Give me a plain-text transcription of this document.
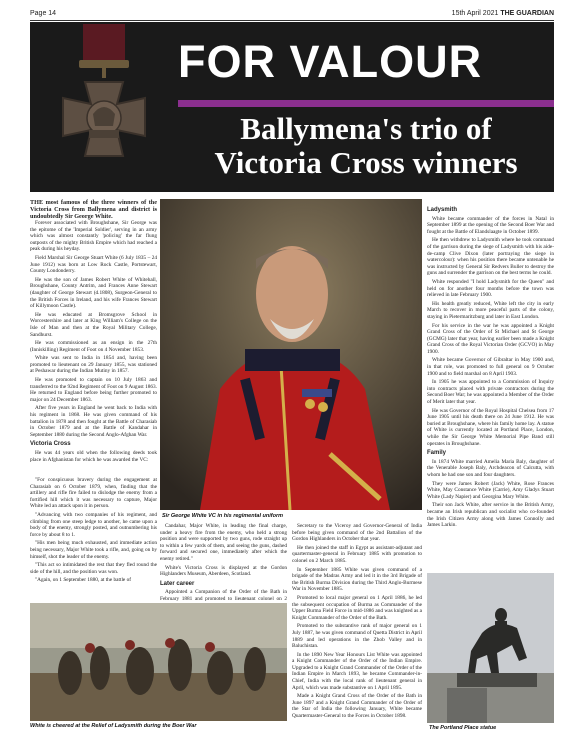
Page 14	15th April 2021 THE GUARDIAN
FOR VALOUR
Ballymena's trio of
Victoria Cross winners
THE most famous of the three winners of the Victoria Cross from Ballymena and district is undoubtedly Sir George White.

Forever associated with Broughshane, Sir George was the epitome of the 'Imperial Soldier', serving in an army which was almost constantly 'policing' the far flung outposts of the mighty British Empire which had reached a peak during his heyday.

Field Marshal Sir George Stuart White (6 July 1835 – 24 June 1912) was born at Low Rock Castle, Portstewart, County Londonderry.

He was the son of James Robert White of Whitehall, Broughshane, County Antrim, and Frances Anne Stewart (daughter of George Stewart (d.1808), Surgeon-General to the British Forces in Ireland, and his wife Frances Stewart of Killymoon Castle).

He was educated at Bromsgrove School in Worcestershire and later at King William's College on the Isle of Man and then at the Royal Military College, Sandhurst.

He was commissioned as an ensign in the 27th (Inniskilling) Regiment of Foot on 4 November 1853.

White was sent to India in 1854 and, having been promoted to lieutenant on 29 January 1855, was stationed at Peshawar during the Indian Mutiny in 1857.

He was promoted to captain on 10 July 1863 and transferred to the 92nd Regiment of Foot on 9 August 1863. He returned to England before being further promoted to major on 24 December 1863.

After five years in England he went back to India with his regiment in 1868. He was given command of his battalion in 1878 and then fought at the Battle of Charasiab in October 1879 and at the Battle of Kandahar in September 1880 during the Second Anglo-Afghan War.

Victoria Cross

He was 44 years old when the following deeds took place in Afghanistan for which he was awarded the VC:

"For conspicuous bravery during the engagement at Charasiab on 6 October 1879, when, finding that the artillery and rifle fire failed to dislodge the enemy from a fortified hill which it was necessary to capture, Major White led an attack upon it in person.

"Advancing with two companies of his regiment, and climbing from one steep ledge to another, he came upon a body of the enemy, strongly posted, and outnumbering his force by about 8 to 1.

"His men being much exhausted, and immediate action being necessary, Major White took a rifle, and, going on by himself, shot the leader of the enemy.

"This act so intimidated the rest that they fled round the side of the hill, and the position was won.

"Again, on 1 September 1880, at the battle of

Sir George White VC in his regimental uniform

Candahar, Major White, in leading the final charge, under a heavy fire from the enemy, who held a strong position and were supported by two guns, rode straight up to within a few yards of them, and seeing the guns, dashed forward and secured one, immediately after which the enemy retired."

White's Victoria Cross is displayed at the Gordon Highlanders Museum, Aberdeen, Scotland.

Later career

Appointed a Companion of the Order of the Bath in February 1881 and promoted to lieutenant colonel on 2

Secretary to the Viceroy and Governor-General of India before being given command of the 2nd Battalion of the Gordon Highlanders in October that year.

He then joined the staff in Egypt as assistant-adjutant and quartermaster-general in February 1885 with promotion to colonel on 2 March 1885.

In September 1885 White was given command of a brigade of the Madras Army and led it in the 3rd Brigade of the British Burma Division during the Third Anglo-Burmese War in November 1885.

Promoted to local major general on 1 April 1886, he led the subsequent occupation of Burma as Commander of the Upper Burma Field Force in mid-1886 and was knighted as a Knight Commander of the Order of the Bath.

Promoted to the substantive rank of major general on 1 July 1887, he was given command of Quetta District in April 1889 and led operations in the Zhob Valley and in Baluchistan.

In the 1890 New Year Honours List White was appointed a Knight Commander of the Order of the Indian Empire. Upgraded to a Knight Grand Commander of the Order of the Indian Empire in March 1893, he became Commander-in-Chief, India with the local rank of lieutenant general in April, which was made substantive on 1 April 1895.

Made a Knight Grand Cross of the Order of the Bath in June 1897 and a Knight Grand Commander of the Order of the Star of India the following January, White became Quartermaster-General to the Forces in October 1898.

White is cheered at the Relief of Ladysmith during the Boer War
Ladysmith

White became commander of the forces in Natal in September 1899 at the opening of the Second Boer War and fought at the Battle of Elandslaagte in October 1899.

He then withdrew to Ladysmith where he took command of the garrison during the siege of Ladysmith with his aide-de-camp Clive Dixon (later portraying the siege in watercolour): when his position there became untenable he was instructed by General Sir Redvers Buller to destroy the guns and surrender the garrison on the best terms he could.

White responded "I hold Ladysmith for the Queen" and held on for another four months before the town was relieved in late February 1900.

His health greatly reduced, White left the city in early March to recover in more peaceful parts of the colony, staying in Pietermaritzburg and later in East London.

For his service in the war he was appointed a Knight Grand Cross of the Order of St Michael and St George (GCMG) later that year, having earlier been made a Knight Grand Cross of the Royal Victorian Order (GCVO) in May 1900.

White became Governor of Gibraltar in May 1900 and, in that role, was promoted to full general on 9 October 1900 and to field marshal on 8 April 1903.

In 1905 he was appointed to a Commission of Inquiry into contracts placed with private contractors during the Second Boer War; he was appointed a Member of the Order of Merit later that year.

He was Governor of the Royal Hospital Chelsea from 17 June 1905 until his death there on 24 June 1912. He was buried at Broughshane, where his family home lay. A statue of White is currently located at Portland Place, London, while the Sir George White Memorial Pipe Band still operates in Broughshane.

Family

In 1874 White married Amelia Maria Baly, daughter of the Venerable Joseph Baly, Archdeacon of Calcutta, with whom he had one son and four daughters.

They were James Robert (Jack) White, Rose Frances White, May Constance White (Carrie), Amy Gladys Stuart White (Lady Napier) and Georgina Mary White.

Their son Jack White, after service in the British Army, became an Irish republican and socialist who co-founded the Irish Citizen Army along with James Connolly and James Larkin.

The Portland Place statue
